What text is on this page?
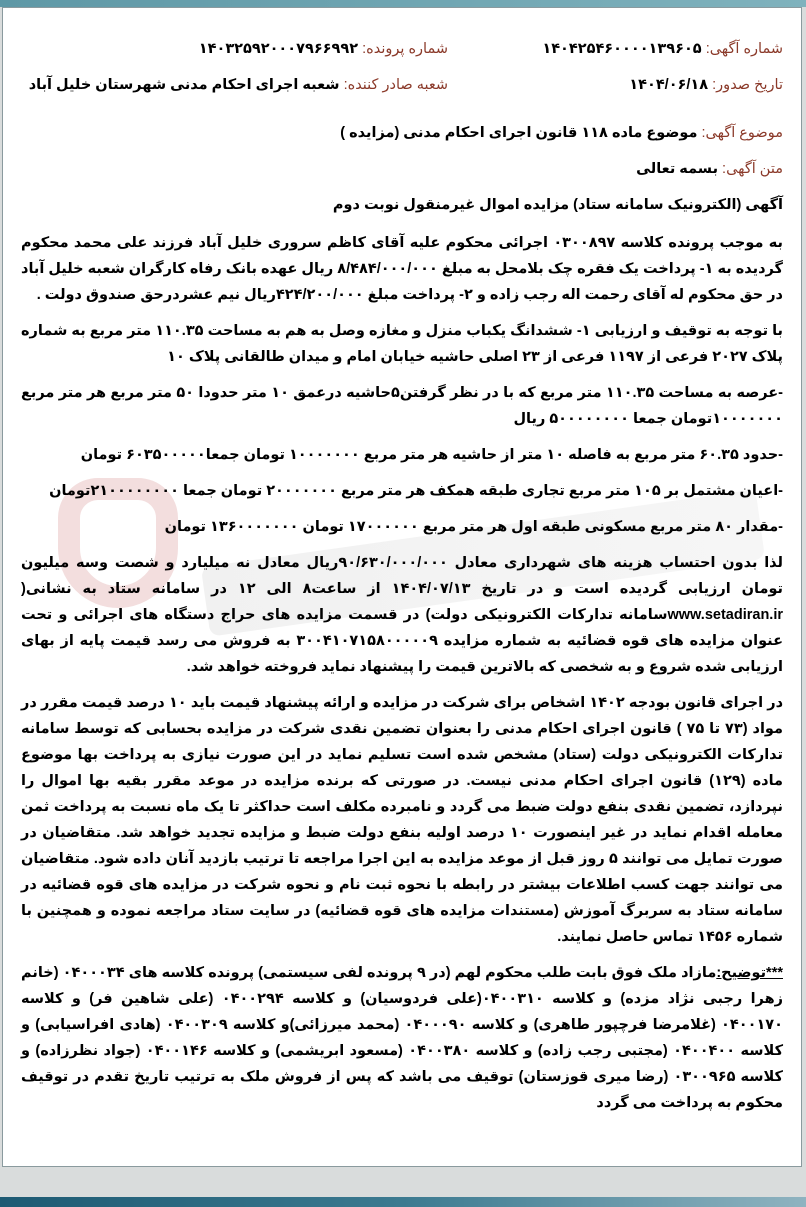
شماره آگهی: ۱۴۰۴۲۵۴۶۰۰۰۰۱۳۹۶۰۵
شماره پرونده: ۱۴۰۳۲۵۹۲۰۰۰۷۹۶۶۹۹۲
تاریخ صدور: ۱۴۰۴/۰۶/۱۸
شعبه صادر کننده: شعبه اجرای احکام مدنی شهرستان خلیل آباد
موضوع آگهی: موضوع ماده ۱۱۸ قانون اجرای احکام مدنی (مزایده )
متن آگهی: بسمه تعالی
آگهی (الکترونیک سامانه ستاد) مزایده اموال غیرمنقول نوبت دوم

به موجب پرونده کلاسه ۰۳۰۰۸۹۷ اجرائی محکوم علیه آقای کاظم سروری خلیل آباد فرزند علی محمد محکوم گردیده به ۱- پرداخت یک فقره چک بلامحل به مبلغ ۸/۴۸۴/۰۰۰/۰۰۰ ریال عهده بانک رفاه کارگران شعبه خلیل آباد در حق محکوم له آقای رحمت اله رجب زاده و ۲- پرداخت مبلغ ۴۲۴/۲۰۰/۰۰۰ریال نیم عشردرحق صندوق دولت .

با توجه به توقیف و ارزیابی ۱- ششدانگ یکباب منزل و مغازه وصل به هم به مساحت ۱۱۰.۳۵ متر مربع به شماره پلاک ۲۰۲۷ فرعی از ۱۱۹۷ فرعی از ۲۳ اصلی حاشیه خیابان امام و میدان طالقانی پلاک ۱۰

-عرصه به مساحت ۱۱۰.۳۵ متر مربع که با در نظر گرفتن۵حاشیه درعمق ۱۰ متر حدودا ۵۰ متر مربع هر متر مربع ۱۰۰۰۰۰۰۰تومان جمعا ۵۰۰۰۰۰۰۰۰ ریال

-حدود ۶۰.۳۵ متر مربع به فاصله ۱۰ متر از حاشیه هر متر مربع ۱۰۰۰۰۰۰۰ تومان جمعا۶۰۳۵۰۰۰۰۰ تومان

-اعیان مشتمل بر ۱۰۵ متر مربع تجاری طبقه همکف هر متر مربع ۲۰۰۰۰۰۰۰ تومان جمعا ۲۱۰۰۰۰۰۰۰۰تومان

-مقدار ۸۰ متر مربع مسکونی طبقه اول هر متر مربع ۱۷۰۰۰۰۰۰ تومان ۱۳۶۰۰۰۰۰۰۰ تومان

لذا بدون احتساب هزینه های شهرداری معادل ۹۰/۶۳۰/۰۰۰/۰۰۰ریال معادل نه میلیارد و شصت وسه میلیون تومان ارزیابی گردیده است و در تاریخ ۱۴۰۴/۰۷/۱۳ از ساعت۸ الی ۱۲ در سامانه ستاد به نشانی( www.setadiran.irسامانه تدارکات الکترونیکی دولت) در قسمت مزایده های حراج دستگاه های اجرائی و تحت عنوان مزایده های قوه قضائیه به شماره مزایده ۳۰۰۴۱۰۷۱۵۸۰۰۰۰۰۹ به فروش می رسد قیمت پایه از بهای ارزیابی شده شروع و به شخصی که بالاترین قیمت را پیشنهاد نماید فروخته خواهد شد.

در اجرای قانون بودجه ۱۴۰۲ اشخاص برای شرکت در مزایده و ارائه پیشنهاد قیمت باید ۱۰ درصد قیمت مقرر در مواد (۷۳ تا ۷۵ ) قانون اجرای احکام مدنی را بعنوان تضمین نقدی شرکت در مزایده بحسابی که توسط سامانه تدارکات الکترونیکی دولت (ستاد) مشخص شده است تسلیم نماید در این صورت نیازی به پرداخت بها موضوع ماده (۱۲۹) قانون اجرای احکام مدنی نیست. در صورتی که برنده مزایده در موعد مقرر بقیه بها اموال را نپردازد، تضمین نقدی بنفع دولت ضبط می گردد و نامبرده مکلف است حداکثر تا یک ماه نسبت به پرداخت ثمن معامله اقدام نماید در غیر اینصورت ۱۰ درصد اولیه بنفع دولت ضبط و مزایده تجدید خواهد شد. متقاضیان در صورت تمایل می توانند ۵ روز قبل از موعد مزایده به این اجرا مراجعه تا ترتیب بازدید آنان داده شود. متقاضیان می توانند جهت کسب اطلاعات بیشتر در رابطه با نحوه ثبت نام و نحوه شرکت در مزایده های قوه قضائیه در سامانه ستاد به سربرگ آموزش (مستندات مزایده های قوه قضائیه) در سایت ستاد مراجعه نموده و همچنین با شماره ۱۴۵۶ تماس حاصل نمایند.

***توضیح:مازاد ملک فوق بابت طلب محکوم لهم (در ۹ پرونده لفی سیستمی) پرونده کلاسه های ۰۴۰۰۰۳۴ (خانم زهرا رجبی نژاد مزده) و کلاسه ۰۴۰۰۳۱۰(علی فردوسیان) و کلاسه ۰۴۰۰۲۹۴ (علی شاهین فر) و کلاسه ۰۴۰۰۱۷۰ (غلامرضا فرچپور طاهری) و کلاسه ۰۴۰۰۰۹۰ (محمد میرزائی)و کلاسه ۰۴۰۰۳۰۹ (هادی افراسیابی) و کلاسه ۰۴۰۰۴۰۰ (مجتبی رجب زاده) و کلاسه ۰۴۰۰۳۸۰ (مسعود ابریشمی) و کلاسه ۰۴۰۰۱۴۶ (جواد نظرزاده) و کلاسه ۰۳۰۰۹۶۵ (رضا میری قوزستان) توقیف می باشد که پس از فروش ملک به ترتیب تاریخ تقدم در توقیف محکوم به پرداخت می گردد
